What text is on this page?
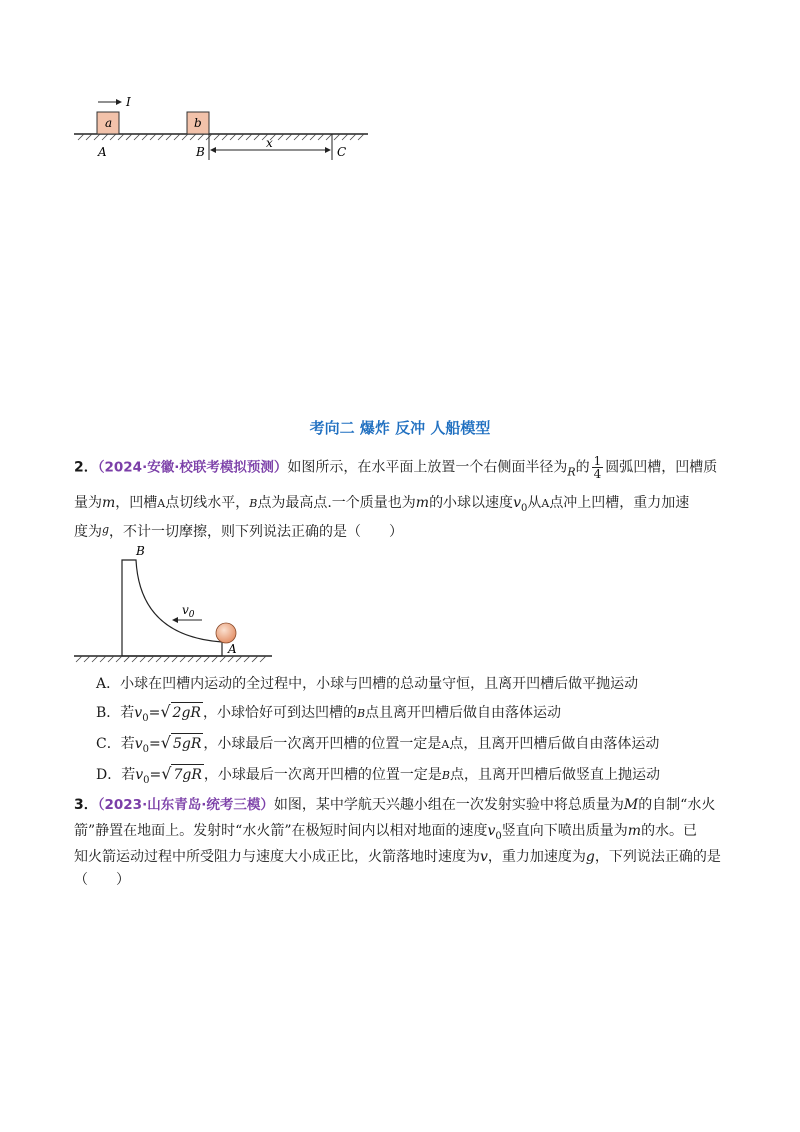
a
I
b
x
A	B	C
考向二 爆炸 反冲 人船模型
2．（2024·安徽·校联考模拟预测）如图所示，在水平面上放置一个右侧面半径为$_R$的 $\frac{1}{4}$ 圆弧凹槽，凹槽质
量为m，凹槽A点切线水平，B点为最高点.一个质量也为m的小球以速度$v_0$从A点冲上凹槽，重力加速
度为$^g$，不计一切摩擦，则下列说法正确的是（　　）
$v_0$
B
A
A．小球在凹槽内运动的全过程中，小球与凹槽的总动量守恒，且离开凹槽后做平抛运动
B．若$v_0=√$ 2gR ，小球恰好可到达凹槽的B点且离开凹槽后做自由落体运动
C．若$v_0=√$ 5gR ，小球最后一次离开凹槽的位置一定是A点，且离开凹槽后做自由落体运动
D．若$v_0=√$ 7gR ，小球最后一次离开凹槽的位置一定是B点，且离开凹槽后做竖直上抛运动
3．（2023·山东青岛·统考三模）如图，某中学航天兴趣小组在一次发射实验中将总质量为M的自制“水火
箭”静置在地面上。发射时“水火箭”在极短时间内以相对地面的速度$v_0$竖直向下喷出质量为m的水。已
知火箭运动过程中所受阻力与速度大小成正比，火箭落地时速度为v，重力加速度为g，下列说法正确的是
（　　）
